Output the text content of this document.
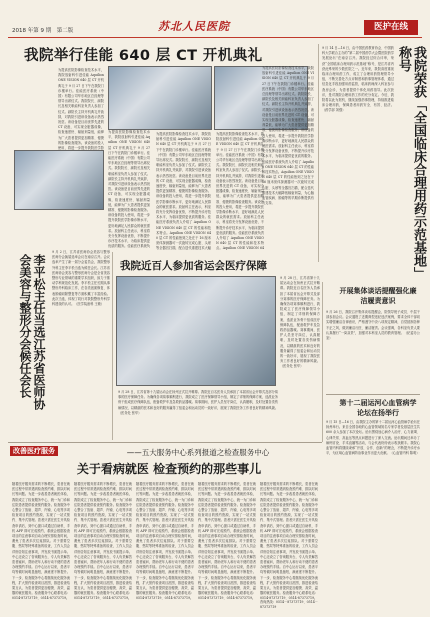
2018 年第 9 期　第二版	苏北人民医院	医护在线
我院举行佳能 640 层 CT 开机典礼
为提高医院影像检查技术水平，我院放射科引进佳能 Aquilion ONE VISION 640 层 CT 开机典礼于 9 月 27 日下午在我院门诊楼举行。佳能医疗系统（中国）有限公司华东地区总经理等领导出席仪式。我院院长、副院长及相关职能科室负责人参加了仪式。副院长主持开机典礼并致辞，对我院引进该设备表示热烈祝贺。该设备是目前世界先进的 CT 设备，可实现全脏器成像，检查速度快、辐射剂量低，能够为广大患者提供更加精准、便捷的影像检查服务。该设备的投入使用，将进一步提升我院医学影
为提高医院影像检查技术水平，我院放射科引进佳能 Aquilion ONE VISION 640 层 CT 开机典礼于 9 月 27 日下午在我院门诊楼举行。佳能医疗系统（中国）有限公司华东地区总经理等领导出席仪式。我院院长、副院长及相关职能科室负责人参加了仪式。副院长主持开机典礼并致辞，对我院引进该设备表示热烈祝贺。该设备是目前世界先进的 CT 设备，可实现全脏器成像，检查速度快、辐射剂量低，能够为广大患者提供更加精准、便捷的影像检查服务。该设备的投入使用，将进一步提升我院医学影像诊断水平，更好地满足人民群众的就医需求。放射科主任表示，科室将充分发挥设备优势，不断提升诊疗技术水平，为临床提供更优质的服务。佳能医疗系统负
为提高医院影像检查技术水平，我院放射科引进佳能 Aquilion ONE VISION 640 层 CT 开机典礼于 9 月 27 日下午在我院门诊楼举行。佳能医疗系统（中国）有限公司华东地区总经理等领导出席仪式。我院院长、副院长及相关职能科室负责人参加了仪式。副院长主持开机典礼并致辞，对我院引进该设备表示热烈祝贺。该设备是目前世界先进的 CT 设备，可实现全脏器成像，检查速度快、辐射剂量低，能够为广大患者提供更加精准、便捷的影像检查服务。该设备的投入使用，将进一步提升我院医学影像诊断水平，更好地满足人民群众的就医需求。放射科主任表示，科室将充分发挥设备优势，不断提升诊疗技术水平，为临床提供更优质的服务。佳能医疗系统负责人介绍了 Aquilion ONE VISION 640 层 CT 的性能和技术特点。Aquilion ONE VISION 640 层 CT 的性能独到之处在于 16 厘米宽体探测器可一次旋转完成心脏、头颅等全器官扫描，配合迭代重建技术大幅
为提高医院影像检查技术水平，我院放射科引进佳能 Aquilion ONE VISION 640 层 CT 开机典礼于 9 月 27 日下午在我院门诊楼举行。佳能医疗系统（中国）有限公司华东地区总经理等领导出席仪式。我院院长、副院长及相关职能科室负责人参加了仪式。副院长主持开机典礼并致辞，对我院引进该设备表示热烈祝贺。该设备是目前世界先进的 CT 设备，可实现全脏器成像，检查速度快、辐射剂量低，能够为广大患者提供更加精准、便捷的影像检查服务。该设备的投入使用，将进一步提升我院医学影像诊断水平，更好地满足人民群众的就医需求。放射科主任表示，科室将充分发挥设备优势，不断提升诊疗技术水平，为临床提供更优质的服务。佳能医疗系统负责人介绍了 Aquilion ONE VISION 640 层 CT 的性能和技术特点。Aquilion ONE VISION 64
为提高医院影像检查技术水平，我院放射科引进佳能 Aquilion ONE VISION 640 层 CT 开机典礼于 9 月 27 日下午在我院门诊楼举行。佳能医疗系统（中国）有限公司华东地区总经理等领导出席仪式。我院院长、副院长及相关职能科室负责人参加了仪式。副院长主持开机典礼并致辞，对我院引进该设备表示热烈祝贺。该设备是目前世界先进的 CT 设备，可实现全脏器成像，检查速度快、辐射剂量低，能够为广大患者提供更加精准、便捷的影像检查服务。该设备的投入使用，将进一步提升我院医学影像诊断水平，更好地满足人民群众的就医需求。放射科主任表示，科室将充分发挥设备优势，不断提升诊疗技术水平，为临床提供更优质的服务。佳能医疗系统负责人介绍了 Aquilion ONE VISION 640 层 CT 的性能和技术特点。Aquilion ONE VISION 640 层 CT 的性能独到之处在于 16 厘米宽体探测器可一次旋转完成心脏、头颅等全器官扫描，配合迭代重建技术大幅降低辐射剂量，为心脑血管疾病、肿瘤等的早期诊断提供有力支持。	我院荣获「全国临床合理用药示范基地」称号
9 月 14 日—16 日，由中国医药教育协会、中国药科大学联合主办的“第二届中国药学大会暨医院药学发展论坛”在南京召开。我院经过综合评审，荣获“全国临床合理用药示范基地”称号，是江苏省内获此殊荣的少数医院之一。近年来，我院高度重视临床合理用药工作，成立了合理用药管理领导小组，不断完善处方点评制度和药事管理体系，通过信息化手段加强用药监管，临床药师深入科室参与查房会诊，为患者提供个体化用药指导。此次获评，是对我院合理用药工作的充分肯定。今后，我院将以此为契机，继续加强药事管理，持续推进临床合理用药，保障患者用药安全、有效、经济。（药学部 刘强）
李平松主任当选江苏省医师协会美容与整形分会候任会长
9 月 2 日，江苏省医师协会美容与整形医师分会换届选举会议在南京召开。会议选举产生了新一届分会委员会，我院整形外科主任李平松当选为候任会长。江苏省医师协会美容与整形医师分会是全省美容整形专业领域的重要学术组织，致力于推动学科规范化发展。李平松主任长期从事整形外科临床工作，在各类创面修复、体表肿瘤切除整复等方面积累了丰富经验。此次当选，体现了同行对我院整形外科学科建设的认可。（医学装备科 王敏）
我院近百人参加省运会医疗保障
9 月 28 日，江苏省第十九届运动会在扬州正式拉开帷幕。我院近百名医务人员承担了本届省运会开幕式及部分赛事的医疗保障任务。为确保各项赛事顺利进行，我院成立了医疗保障领导小组，制定了详细的保障方案，选派业务骨干组成医疗保障队伍，配备救护车及急救药品器械。赛事期间，医护人员坚守岗位，认真履职，及时处置各类伤病情况，以精湛的医术和良好的服务赢得了组委会和运动员的一致好评，展现了我院医务工作者良好的精神风貌。（医务处 张华）
9 月 28 日，江苏省第十九届运动会在扬州正式拉开帷幕。我院近百名医务人员承担了本届省运会开幕式及部分赛事的医疗保障任务。为确保各项赛事顺利进行，我院成立了医疗保障领导小组，制定了详细的保障方案，选派业务骨干组成医疗保障队伍，配备救护车及急救药品器械。赛事期间，医护人员坚守岗位，认真履职，及时处置各类伤病情况，以精湛的医术和良好的服务赢得了组委会和运动员的一致好评，展现了我院医务工作者良好的精神风貌。（医务处 张华）
开展集体谈话提醒强化廉洁履责意识
9 月 26 日，我院召开集体谈话提醒会，院领导班子成员、中层干部参加会议。会议通报了近期典型违纪违法案例，要求全体干部切实增强廉洁自律意识，严格遵守中央八项规定精神，自觉抵制各种不正之风，做到廉洁行医、廉洁履责。会议强调，各科室负责人要认真履行“一岗双责”，加强对本科室人员的教育管理。（纪委办公室）
第十二届运河心血管病学论坛在扬举行
9 月 15 日—16 日，由我院主办的第十二届运河心血管病学论坛在扬州举行。来自全国各地的心血管领域知名专家学者及基层医生共 600 余人参加了本次论坛。论坛围绕冠心病介入治疗、心力衰竭、心律失常、高血压等热点问题进行了深入交流。论坛期间还举办了病例讨论、手术直播等活动，与会代表纷纷表示收获颇丰。我院心血管内科将继续秉承“开放、合作、创新”的理念，不断提升诊疗水平，为区域心血管病防治事业作出更大贡献。（心血管内科 陈明）
改善医疗服务	——五大服务中心系列报道之检查服务中心
关于看病就医 检查预约的那些事儿
随着医疗服务需求的不断增长，患者在就医过程中常常遇到检查预约难、排队时间长等问题。为进一步改善患者就医体验，我院成立了检查服务中心，统一为门诊和住院患者提供检查预约服务。检查服务中心整合了放射、超声、内镜、心电等多项检查项目的预约资源，实现了一站式预约、集中式管理。患者只需在医生开具检查申请后，到中心窗口或通过自助机、手机 APP 即可完成预约，系统会根据检查项目的注意事项自动合理安排检查时间，避免了患者多次往返排队。对于需要空腹、憋尿等特殊准备的检查，工作人员会详细告知注意事项，并发放书面提示单。中心还设立了咨询服务台，专人负责解答患者疑问，帮助老年人和行动不便的患者办理预约手续。自中心运行以来，患者平均等候时间明显缩短，满意度不断提升。下一步，检查服务中心将继续优化服务流程，扩大预约检查项目范围，推进检查结果互认，为患者提供更加便捷、高效、温馨的就医服务。检查服务中心联系电话：0514-87373719、0514-87373719。
随着医疗服务需求的不断增长，患者在就医过程中常常遇到检查预约难、排队时间长等问题。为进一步改善患者就医体验，我院成立了检查服务中心，统一为门诊和住院患者提供检查预约服务。检查服务中心整合了放射、超声、内镜、心电等多项检查项目的预约资源，实现了一站式预约、集中式管理。患者只需在医生开具检查申请后，到中心窗口或通过自助机、手机 APP 即可完成预约，系统会根据检查项目的注意事项自动合理安排检查时间，避免了患者多次往返排队。对于需要空腹、憋尿等特殊准备的检查，工作人员会详细告知注意事项，并发放书面提示单。中心还设立了咨询服务台，专人负责解答患者疑问，帮助老年人和行动不便的患者办理预约手续。自中心运行以来，患者平均等候时间明显缩短，满意度不断提升。下一步，检查服务中心将继续优化服务流程，扩大预约检查项目范围，推进检查结果互认，为患者提供更加便捷、高效、温馨的就医服务。检查服务中心联系电话：0514-87373719、0514-87373719。
随着医疗服务需求的不断增长，患者在就医过程中常常遇到检查预约难、排队时间长等问题。为进一步改善患者就医体验，我院成立了检查服务中心，统一为门诊和住院患者提供检查预约服务。检查服务中心整合了放射、超声、内镜、心电等多项检查项目的预约资源，实现了一站式预约、集中式管理。患者只需在医生开具检查申请后，到中心窗口或通过自助机、手机 APP 即可完成预约，系统会根据检查项目的注意事项自动合理安排检查时间，避免了患者多次往返排队。对于需要空腹、憋尿等特殊准备的检查，工作人员会详细告知注意事项，并发放书面提示单。中心还设立了咨询服务台，专人负责解答患者疑问，帮助老年人和行动不便的患者办理预约手续。自中心运行以来，患者平均等候时间明显缩短，满意度不断提升。下一步，检查服务中心将继续优化服务流程，扩大预约检查项目范围，推进检查结果互认，为患者提供更加便捷、高效、温馨的就医服务。检查服务中心联系电话：0514-87373719、0514-87373719。
随着医疗服务需求的不断增长，患者在就医过程中常常遇到检查预约难、排队时间长等问题。为进一步改善患者就医体验，我院成立了检查服务中心，统一为门诊和住院患者提供检查预约服务。检查服务中心整合了放射、超声、内镜、心电等多项检查项目的预约资源，实现了一站式预约、集中式管理。患者只需在医生开具检查申请后，到中心窗口或通过自助机、手机 APP 即可完成预约，系统会根据检查项目的注意事项自动合理安排检查时间，避免了患者多次往返排队。对于需要空腹、憋尿等特殊准备的检查，工作人员会详细告知注意事项，并发放书面提示单。中心还设立了咨询服务台，专人负责解答患者疑问，帮助老年人和行动不便的患者办理预约手续。自中心运行以来，患者平均等候时间明显缩短，满意度不断提升。下一步，检查服务中心将继续优化服务流程，扩大预约检查项目范围，推进检查结果互认，为患者提供更加便捷、高效、温馨的就医服务。检查服务中心联系电话：0514-87373719、0514-87373719。
随着医疗服务需求的不断增长，患者在就医过程中常常遇到检查预约难、排队时间长等问题。为进一步改善患者就医体验，我院成立了检查服务中心，统一为门诊和住院患者提供检查预约服务。检查服务中心整合了放射、超声、内镜、心电等多项检查项目的预约资源，实现了一站式预约、集中式管理。患者只需在医生开具检查申请后，到中心窗口或通过自助机、手机 APP 即可完成预约，系统会根据检查项目的注意事项自动合理安排检查时间，避免了患者多次往返排队。对于需要空腹、憋尿等特殊准备的检查，工作人员会详细告知注意事项，并发放书面提示单。中心还设立了咨询服务台，专人负责解答患者疑问，帮助老年人和行动不便的患者办理预约手续。自中心运行以来，患者平均等候时间明显缩短，满意度不断提升。下一步，检查服务中心将继续优化服务流程，扩大预约检查项目范围，推进检查结果互认，为患者提供更加便捷、高效、温馨的就医服务。检查服务中心联系电话：0514-87373719、0514-87373719。
咨询热线：0514－87373719、0514－87373719
